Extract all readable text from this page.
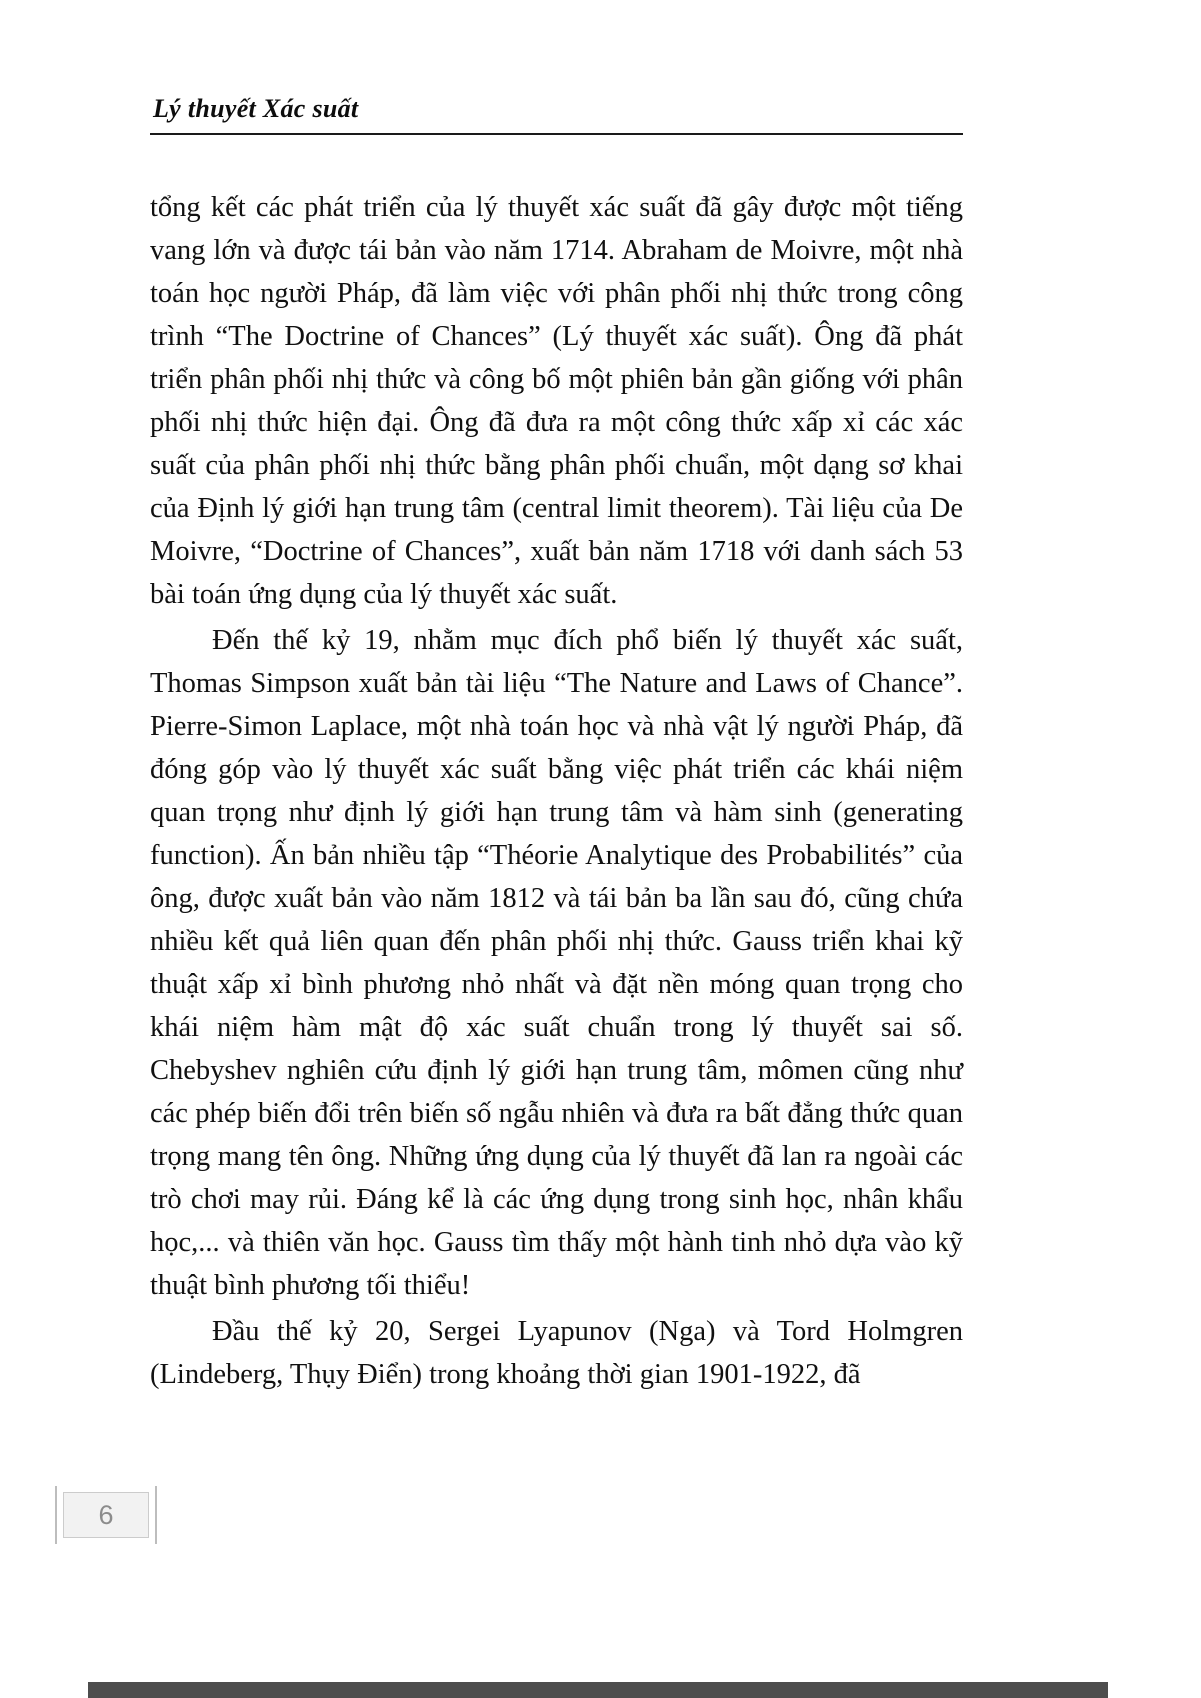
Lý thuyết Xác suất

tổng kết các phát triển của lý thuyết xác suất đã gây được một tiếng vang lớn và được tái bản vào năm 1714. Abraham de Moivre, một nhà toán học người Pháp, đã làm việc với phân phối nhị thức trong công trình “The Doctrine of Chances” (Lý thuyết xác suất). Ông đã phát triển phân phối nhị thức và công bố một phiên bản gần giống với phân phối nhị thức hiện đại. Ông đã đưa ra một công thức xấp xỉ các xác suất của phân phối nhị thức bằng phân phối chuẩn, một dạng sơ khai của Định lý giới hạn trung tâm (central limit theorem). Tài liệu của De Moivre, “Doctrine of Chances”, xuất bản năm 1718 với danh sách 53 bài toán ứng dụng của lý thuyết xác suất.

Đến thế kỷ 19, nhằm mục đích phổ biến lý thuyết xác suất, Thomas Simpson xuất bản tài liệu “The Nature and Laws of Chance”. Pierre-Simon Laplace, một nhà toán học và nhà vật lý người Pháp, đã đóng góp vào lý thuyết xác suất bằng việc phát triển các khái niệm quan trọng như định lý giới hạn trung tâm và hàm sinh (generating function). Ấn bản nhiều tập “Théorie Analytique des Probabilités” của ông, được xuất bản vào năm 1812 và tái bản ba lần sau đó, cũng chứa nhiều kết quả liên quan đến phân phối nhị thức. Gauss triển khai kỹ thuật xấp xỉ bình phương nhỏ nhất và đặt nền móng quan trọng cho khái niệm hàm mật độ xác suất chuẩn trong lý thuyết sai số. Chebyshev nghiên cứu định lý giới hạn trung tâm, mômen cũng như các phép biến đổi trên biến số ngẫu nhiên và đưa ra bất đẳng thức quan trọng mang tên ông. Những ứng dụng của lý thuyết đã lan ra ngoài các trò chơi may rủi. Đáng kể là các ứng dụng trong sinh học, nhân khẩu học,... và thiên văn học. Gauss tìm thấy một hành tinh nhỏ dựa vào kỹ thuật bình phương tối thiểu!

Đầu thế kỷ 20, Sergei Lyapunov (Nga) và Tord Holmgren (Lindeberg, Thụy Điển) trong khoảng thời gian 1901-1922, đã

6
